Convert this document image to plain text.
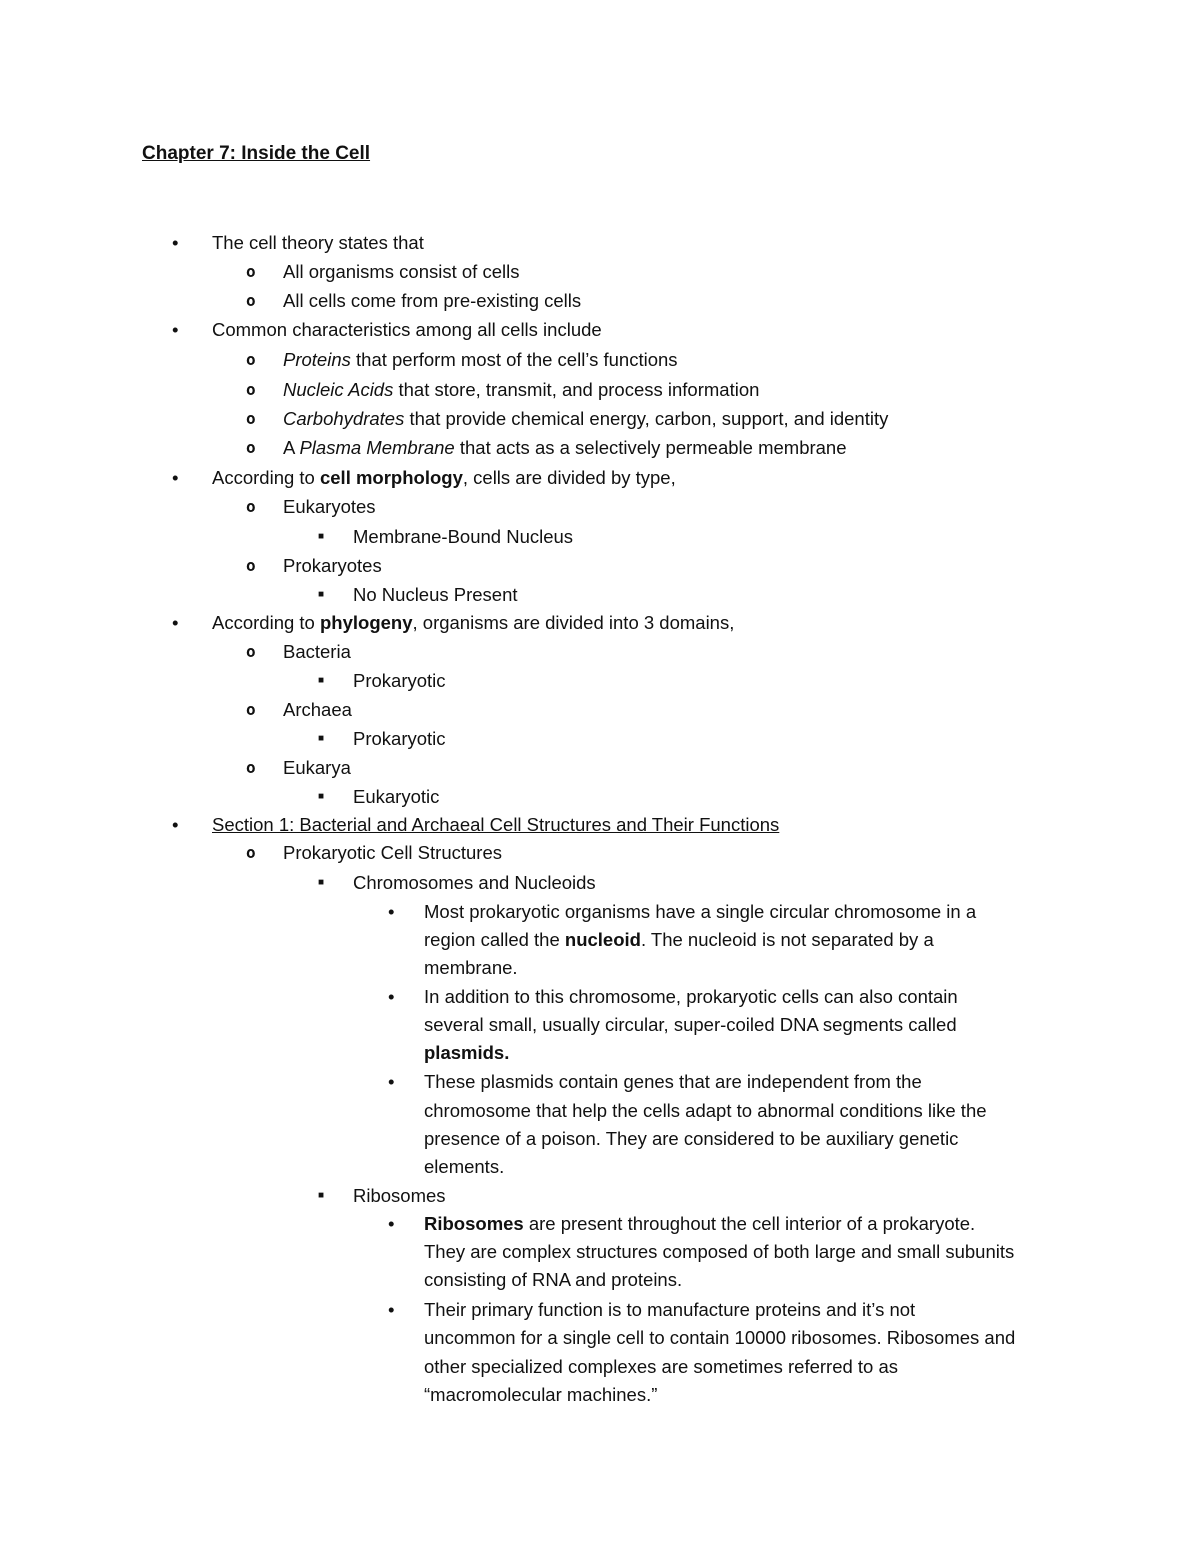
Chapter 7: Inside the Cell
• The cell theory states that
o All organisms consist of cells
o All cells come from pre-existing cells
• Common characteristics among all cells include
o Proteins that perform most of the cell’s functions
o Nucleic Acids that store, transmit, and process information
o Carbohydrates that provide chemical energy, carbon, support, and identity
o A Plasma Membrane that acts as a selectively permeable membrane
• According to cell morphology, cells are divided by type,
o Eukaryotes
■ Membrane-Bound Nucleus
o Prokaryotes
■ No Nucleus Present
• According to phylogeny, organisms are divided into 3 domains,
o Bacteria
■ Prokaryotic
o Archaea
■ Prokaryotic
o Eukarya
■ Eukaryotic
• Section 1: Bacterial and Archaeal Cell Structures and Their Functions
o Prokaryotic Cell Structures
■ Chromosomes and Nucleoids
• Most prokaryotic organisms have a single circular chromosome in a
region called the nucleoid. The nucleoid is not separated by a
membrane.
• In addition to this chromosome, prokaryotic cells can also contain
several small, usually circular, super-coiled DNA segments called
plasmids.
• These plasmids contain genes that are independent from the
chromosome that help the cells adapt to abnormal conditions like the
presence of a poison. They are considered to be auxiliary genetic
elements.
■ Ribosomes
• Ribosomes are present throughout the cell interior of a prokaryote.
They are complex structures composed of both large and small subunits
consisting of RNA and proteins.
• Their primary function is to manufacture proteins and it’s not
uncommon for a single cell to contain 10000 ribosomes. Ribosomes and
other specialized complexes are sometimes referred to as
“macromolecular machines.”
